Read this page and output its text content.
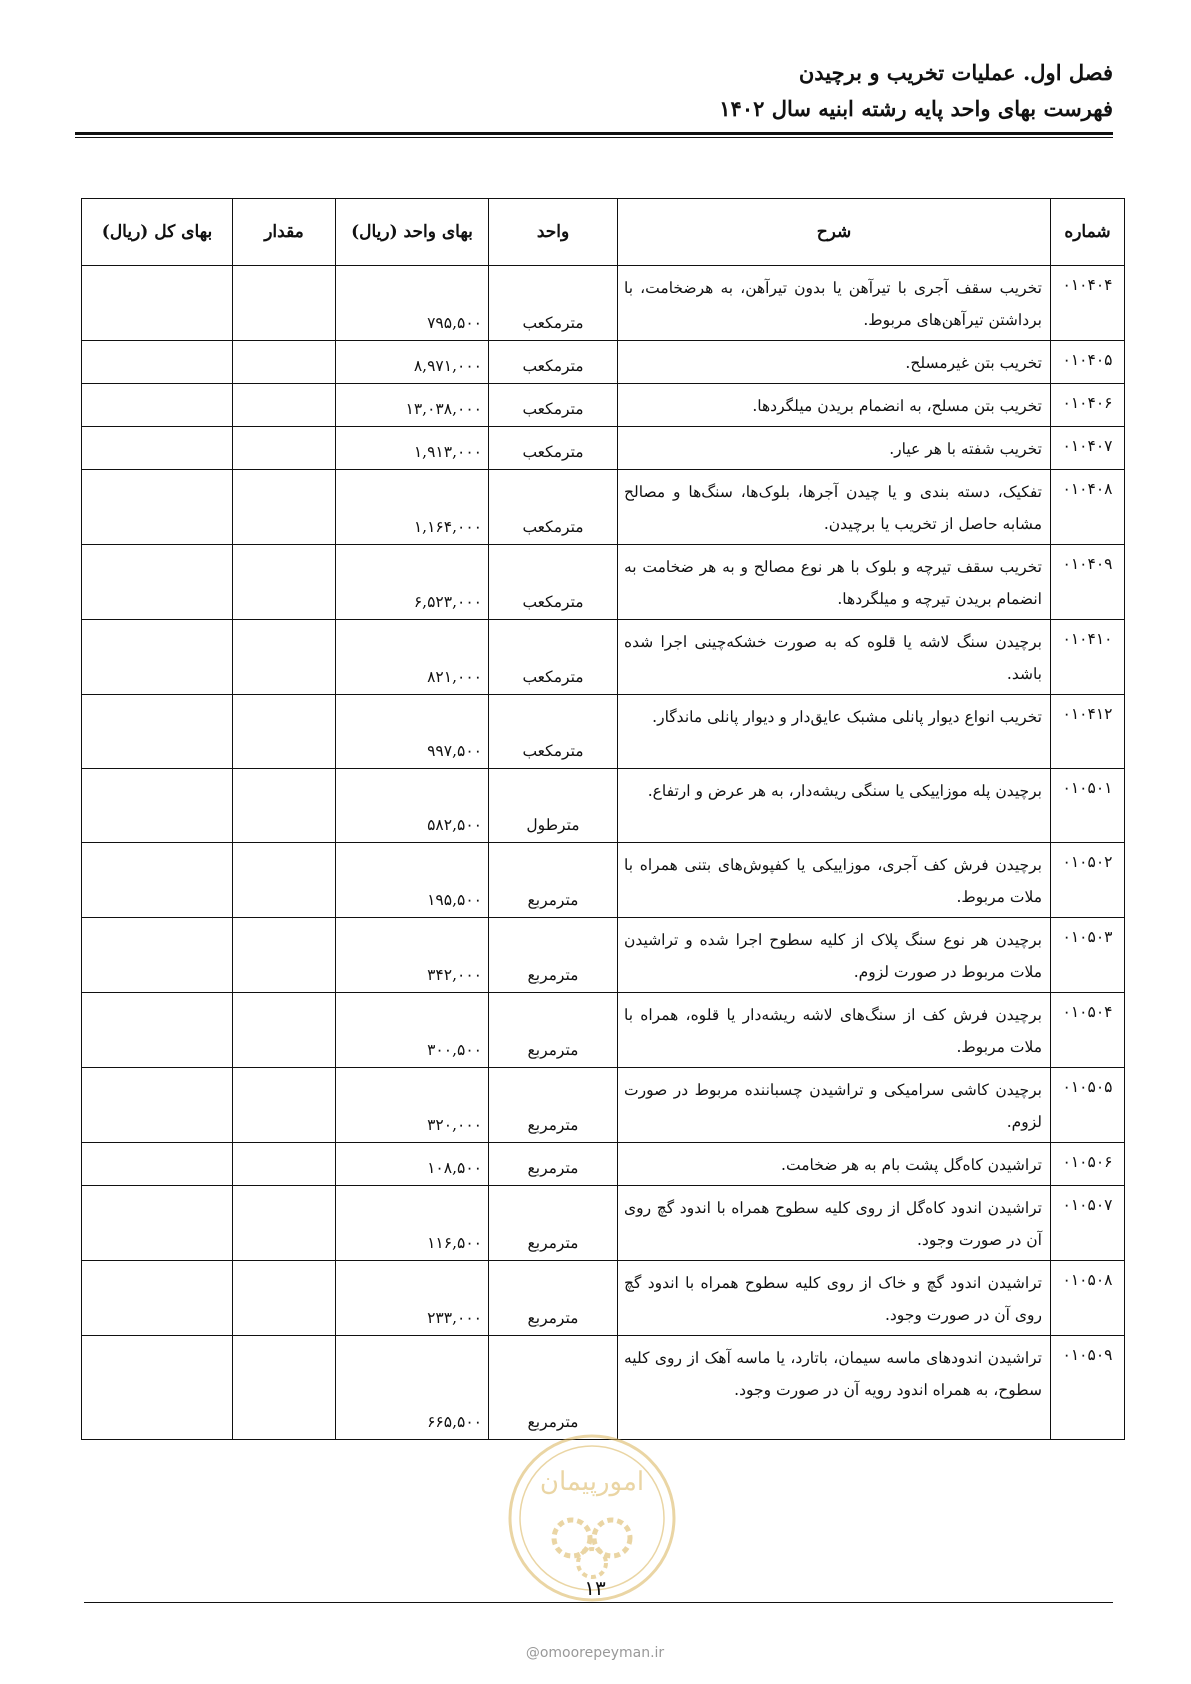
فصل اول. عملیات تخریب و برچیدن
فهرست بهای واحد پایه رشته ابنیه سال ۱۴۰۲
شماره	شرح	واحد	بهای واحد (ریال)	مقدار	بهای کل (ریال)
۰۱۰۴۰۴	تخریب سقف آجری با تیرآهن یا بدون تیرآهن، به هرضخامت، با برداشتن تیرآهن‌های مربوط.	مترمکعب	۷۹۵,۵۰۰		
۰۱۰۴۰۵	تخریب بتن غیرمسلح.	مترمکعب	۸,۹۷۱,۰۰۰		
۰۱۰۴۰۶	تخریب بتن مسلح، به انضمام بریدن میلگردها.	مترمکعب	۱۳,۰۳۸,۰۰۰		
۰۱۰۴۰۷	تخریب شفته با هر عیار.	مترمکعب	۱,۹۱۳,۰۰۰		
۰۱۰۴۰۸	تفکیک، دسته بندی و یا چیدن آجرها، بلوک‌ها، سنگ‌ها و مصالح مشابه حاصل از تخریب یا برچیدن.	مترمکعب	۱,۱۶۴,۰۰۰		
۰۱۰۴۰۹	تخریب سقف تیرچه و بلوک با هر نوع مصالح و به هر ضخامت به انضمام بریدن تیرچه و میلگردها.	مترمکعب	۶,۵۲۳,۰۰۰		
۰۱۰۴۱۰	برچیدن سنگ لاشه یا قلوه که به صورت خشکه‌چینی اجرا شده باشد.	مترمکعب	۸۲۱,۰۰۰		
۰۱۰۴۱۲	تخریب انواع دیوار پانلی مشبک عایق‌دار و دیوار پانلی ماندگار.	مترمکعب	۹۹۷,۵۰۰		
۰۱۰۵۰۱	برچیدن پله موزاییکی یا سنگی ریشه‌دار، به هر عرض و ارتفاع.	مترطول	۵۸۲,۵۰۰		
۰۱۰۵۰۲	برچیدن فرش کف آجری، موزاییکی یا کفپوش‌های بتنی همراه با ملات مربوط.	مترمربع	۱۹۵,۵۰۰		
۰۱۰۵۰۳	برچیدن هر نوع سنگ پلاک از کلیه سطوح اجرا شده و تراشیدن ملات مربوط در صورت لزوم.	مترمربع	۳۴۲,۰۰۰		
۰۱۰۵۰۴	برچیدن فرش کف از سنگ‌های لاشه ریشه‌دار یا قلوه، همراه با ملات مربوط.	مترمربع	۳۰۰,۵۰۰		
۰۱۰۵۰۵	برچیدن کاشی سرامیکی و تراشیدن چسباننده مربوط در صورت لزوم.	مترمربع	۳۲۰,۰۰۰		
۰۱۰۵۰۶	تراشیدن کاه‌گل پشت بام به هر ضخامت.	مترمربع	۱۰۸,۵۰۰		
۰۱۰۵۰۷	تراشیدن اندود کاه‌گل از روی کلیه سطوح همراه با اندود گچ روی آن در صورت وجود.	مترمربع	۱۱۶,۵۰۰		
۰۱۰۵۰۸	تراشیدن اندود گچ و خاک از روی کلیه سطوح همراه با اندود گچ روی آن در صورت وجود.	مترمربع	۲۳۳,۰۰۰		
۰۱۰۵۰۹	تراشیدن اندودهای ماسه سیمان، باتارد، یا ماسه آهک از روی کلیه سطوح، به همراه اندود رویه آن در صورت وجود.	مترمربع	۶۶۵,۵۰۰		
امورپیمان
۱۳
@omoorepeyman.ir
